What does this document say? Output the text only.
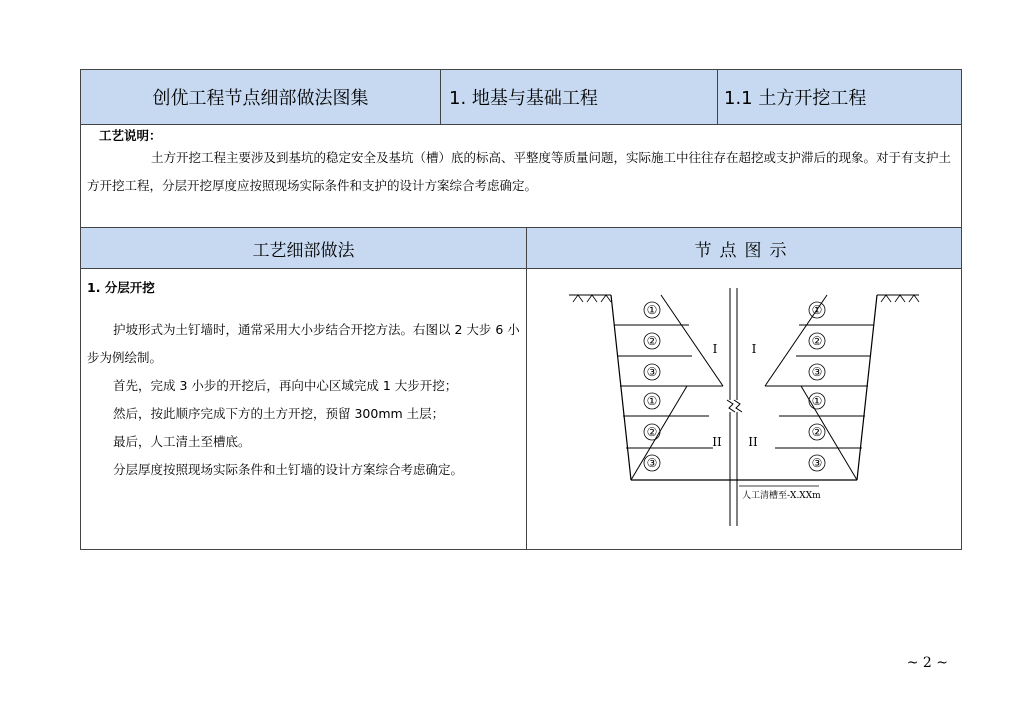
创优工程节点细部做法图集	1. 地基与基础工程	1.1 土方开挖工程
工艺说明：

土方开挖工程主要涉及到基坑的稳定安全及基坑（槽）底的标高、平整度等质量问题，实际施工中往往存在超挖或支护滞后的现象。对于有支护土方开挖工程，分层开挖厚度应按照现场实际条件和支护的设计方案综合考虑确定。

工艺细部做法	节点图示
1. 分层开挖

护坡形式为土钉墙时，通常采用大小步结合开挖方法。右图以 2 大步 6 小步为例绘制。

首先，完成 3 小步的开挖后，再向中心区域完成 1 大步开挖；

然后，按此顺序完成下方的土方开挖，预留 300mm 土层；

最后，人工清土至槽底。

分层厚度按照现场实际条件和土钉墙的设计方案综合考虑确定。

人工清槽至-X.XXm
①
②
③
①
②
③
①
②
③
①
②
③
I	I
II II
~ 2 ~
